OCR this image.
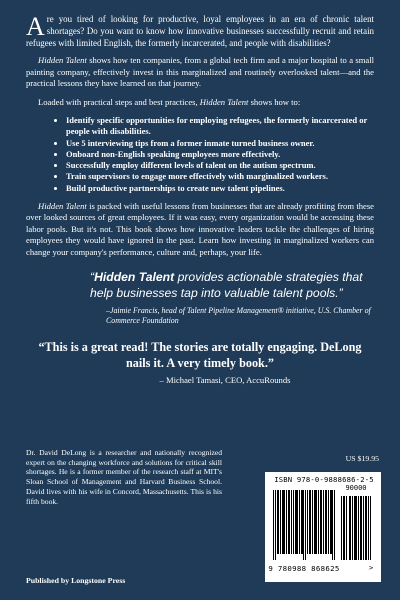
Are you tired of looking for productive, loyal employees in an era of chronic talent shortages? Do you want to know how innovative businesses successfully recruit and retain refugees with limited English, the formerly incarcerated, and people with disabilities?

Hidden Talent shows how ten companies, from a global tech firm and a major hospital to a small painting company, effectively invest in this marginalized and routinely overlooked talent—and the practical lessons they have learned on that journey.

Loaded with practical steps and best practices, Hidden Talent shows how to:

• Identify specific opportunities for employing refugees, the formerly incarcerated or people with disabilities.
• Use 5 interviewing tips from a former inmate turned business owner.
• Onboard non-English speaking employees more effectively.
• Successfully employ different levels of talent on the autism spectrum.
• Train supervisors to engage more effectively with marginalized workers.
• Build productive partnerships to create new talent pipelines.

Hidden Talent is packed with useful lessons from businesses that are already profiting from these over looked sources of great employees. If it was easy, every organization would be accessing these labor pools. But it's not. This book shows how innovative leaders tackle the challenges of hiring employees they would have ignored in the past. Learn how investing in marginalized workers can change your company's performance, culture and, perhaps, your life.

“Hidden Talent provides actionable strategies that help businesses tap into valuable talent pools.”
–Jaimie Francis, head of Talent Pipeline Management® initiative, U.S. Chamber of Commerce Foundation
“This is a great read! The stories are totally engaging. DeLong nails it. A very timely book.”
– Michael Tamasi, CEO, AccuRounds
Dr. David DeLong is a researcher and nationally recognized expert on the changing workforce and solutions for critical skill shortages. He is a former member of the research staff at MIT's Sloan School of Management and Harvard Business School. David lives with his wife in Concord, Massachusetts. This is his fifth book.
Published by Longstone Press
US $19.95
ISBN 978-0-9888686-2-5
90000
9 780988 868625	>
